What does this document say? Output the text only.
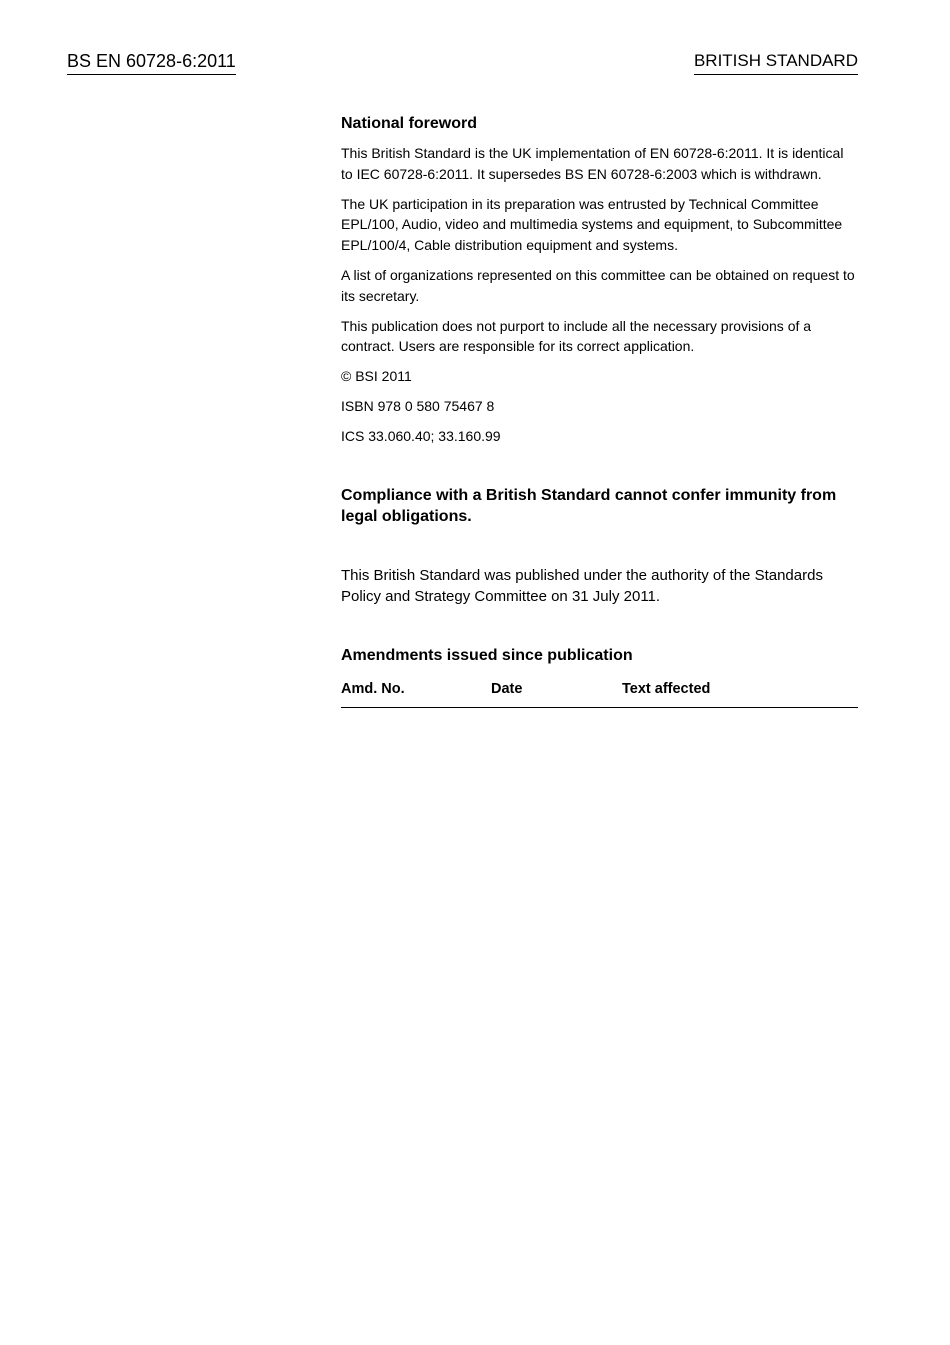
BS EN 60728-6:2011	BRITISH STANDARD
National foreword

This British Standard is the UK implementation of EN 60728-6:2011. It is identical to IEC 60728-6:2011. It supersedes BS EN 60728-6:2003 which is withdrawn.

The UK participation in its preparation was entrusted by Technical Committee EPL/100, Audio, video and multimedia systems and equipment, to Subcommittee EPL/100/4, Cable distribution equipment and systems.

A list of organizations represented on this committee can be obtained on request to its secretary.

This publication does not purport to include all the necessary provisions of a contract. Users are responsible for its correct application.

© BSI 2011

ISBN 978 0 580 75467 8

ICS 33.060.40; 33.160.99

Compliance with a British Standard cannot confer immunity from legal obligations.

This British Standard was published under the authority of the Standards Policy and Strategy Committee on 31 July 2011.

Amendments issued since publication
Amd. No.	Date	Text affected
